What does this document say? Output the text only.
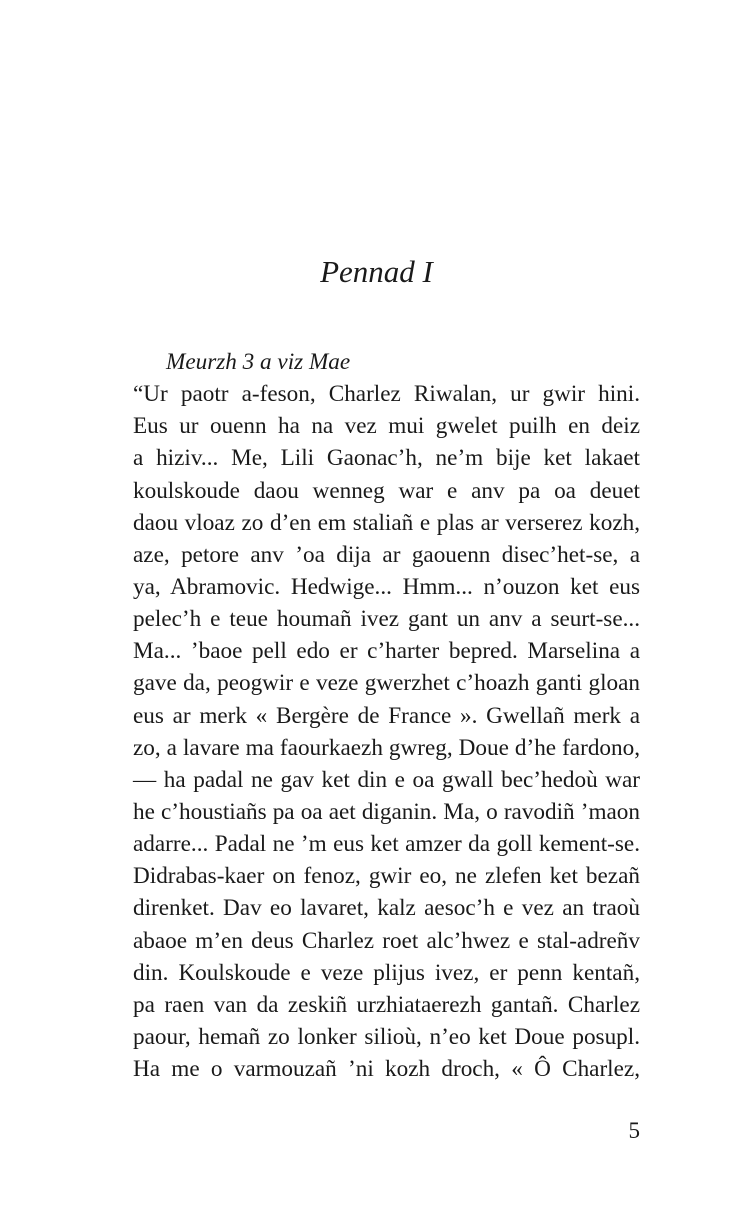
Pennad I
Meurzh 3 a viz Mae
“Ur paotr a-feson, Charlez Riwalan, ur gwir hini.
Eus ur ouenn ha na vez mui gwelet puilh en deiz
a hiziv... Me, Lili Gaonac’h, ne’m bije ket lakaet
koulskoude daou wenneg war e anv pa oa deuet
daou vloaz zo d’en em staliañ e plas ar verserez kozh,
aze, petore anv ’oa dija ar gaouenn disec’het-se, a
ya, Abramovic. Hedwige... Hmm... n’ouzon ket eus
pelec’h e teue houmañ ivez gant un anv a seurt-se...
Ma... ’baoe pell edo er c’harter bepred. Marselina a
gave da, peogwir e veze gwerzhet c’hoazh ganti gloan
eus ar merk « Bergère de France ». Gwellañ merk a
zo, a lavare ma faourkaezh gwreg, Doue d’he fardono,
— ha padal ne gav ket din e oa gwall bec’hedoù war
he c’houstiañs pa oa aet diganin. Ma, o ravodiñ ’maon
adarre... Padal ne ’m eus ket amzer da goll kement-se.
Didrabas-kaer on fenoz, gwir eo, ne zlefen ket bezañ
direnket. Dav eo lavaret, kalz aesoc’h e vez an traoù
abaoe m’en deus Charlez roet alc’hwez e stal-adreñv
din. Koulskoude e veze plijus ivez, er penn kentañ,
pa raen van da zeskiñ urzhiataerezh gantañ. Charlez
paour, hemañ zo lonker silioù, n’eo ket Doue posupl.
Ha me o varmouzañ ’ni kozh droch, « Ô Charlez,
5
